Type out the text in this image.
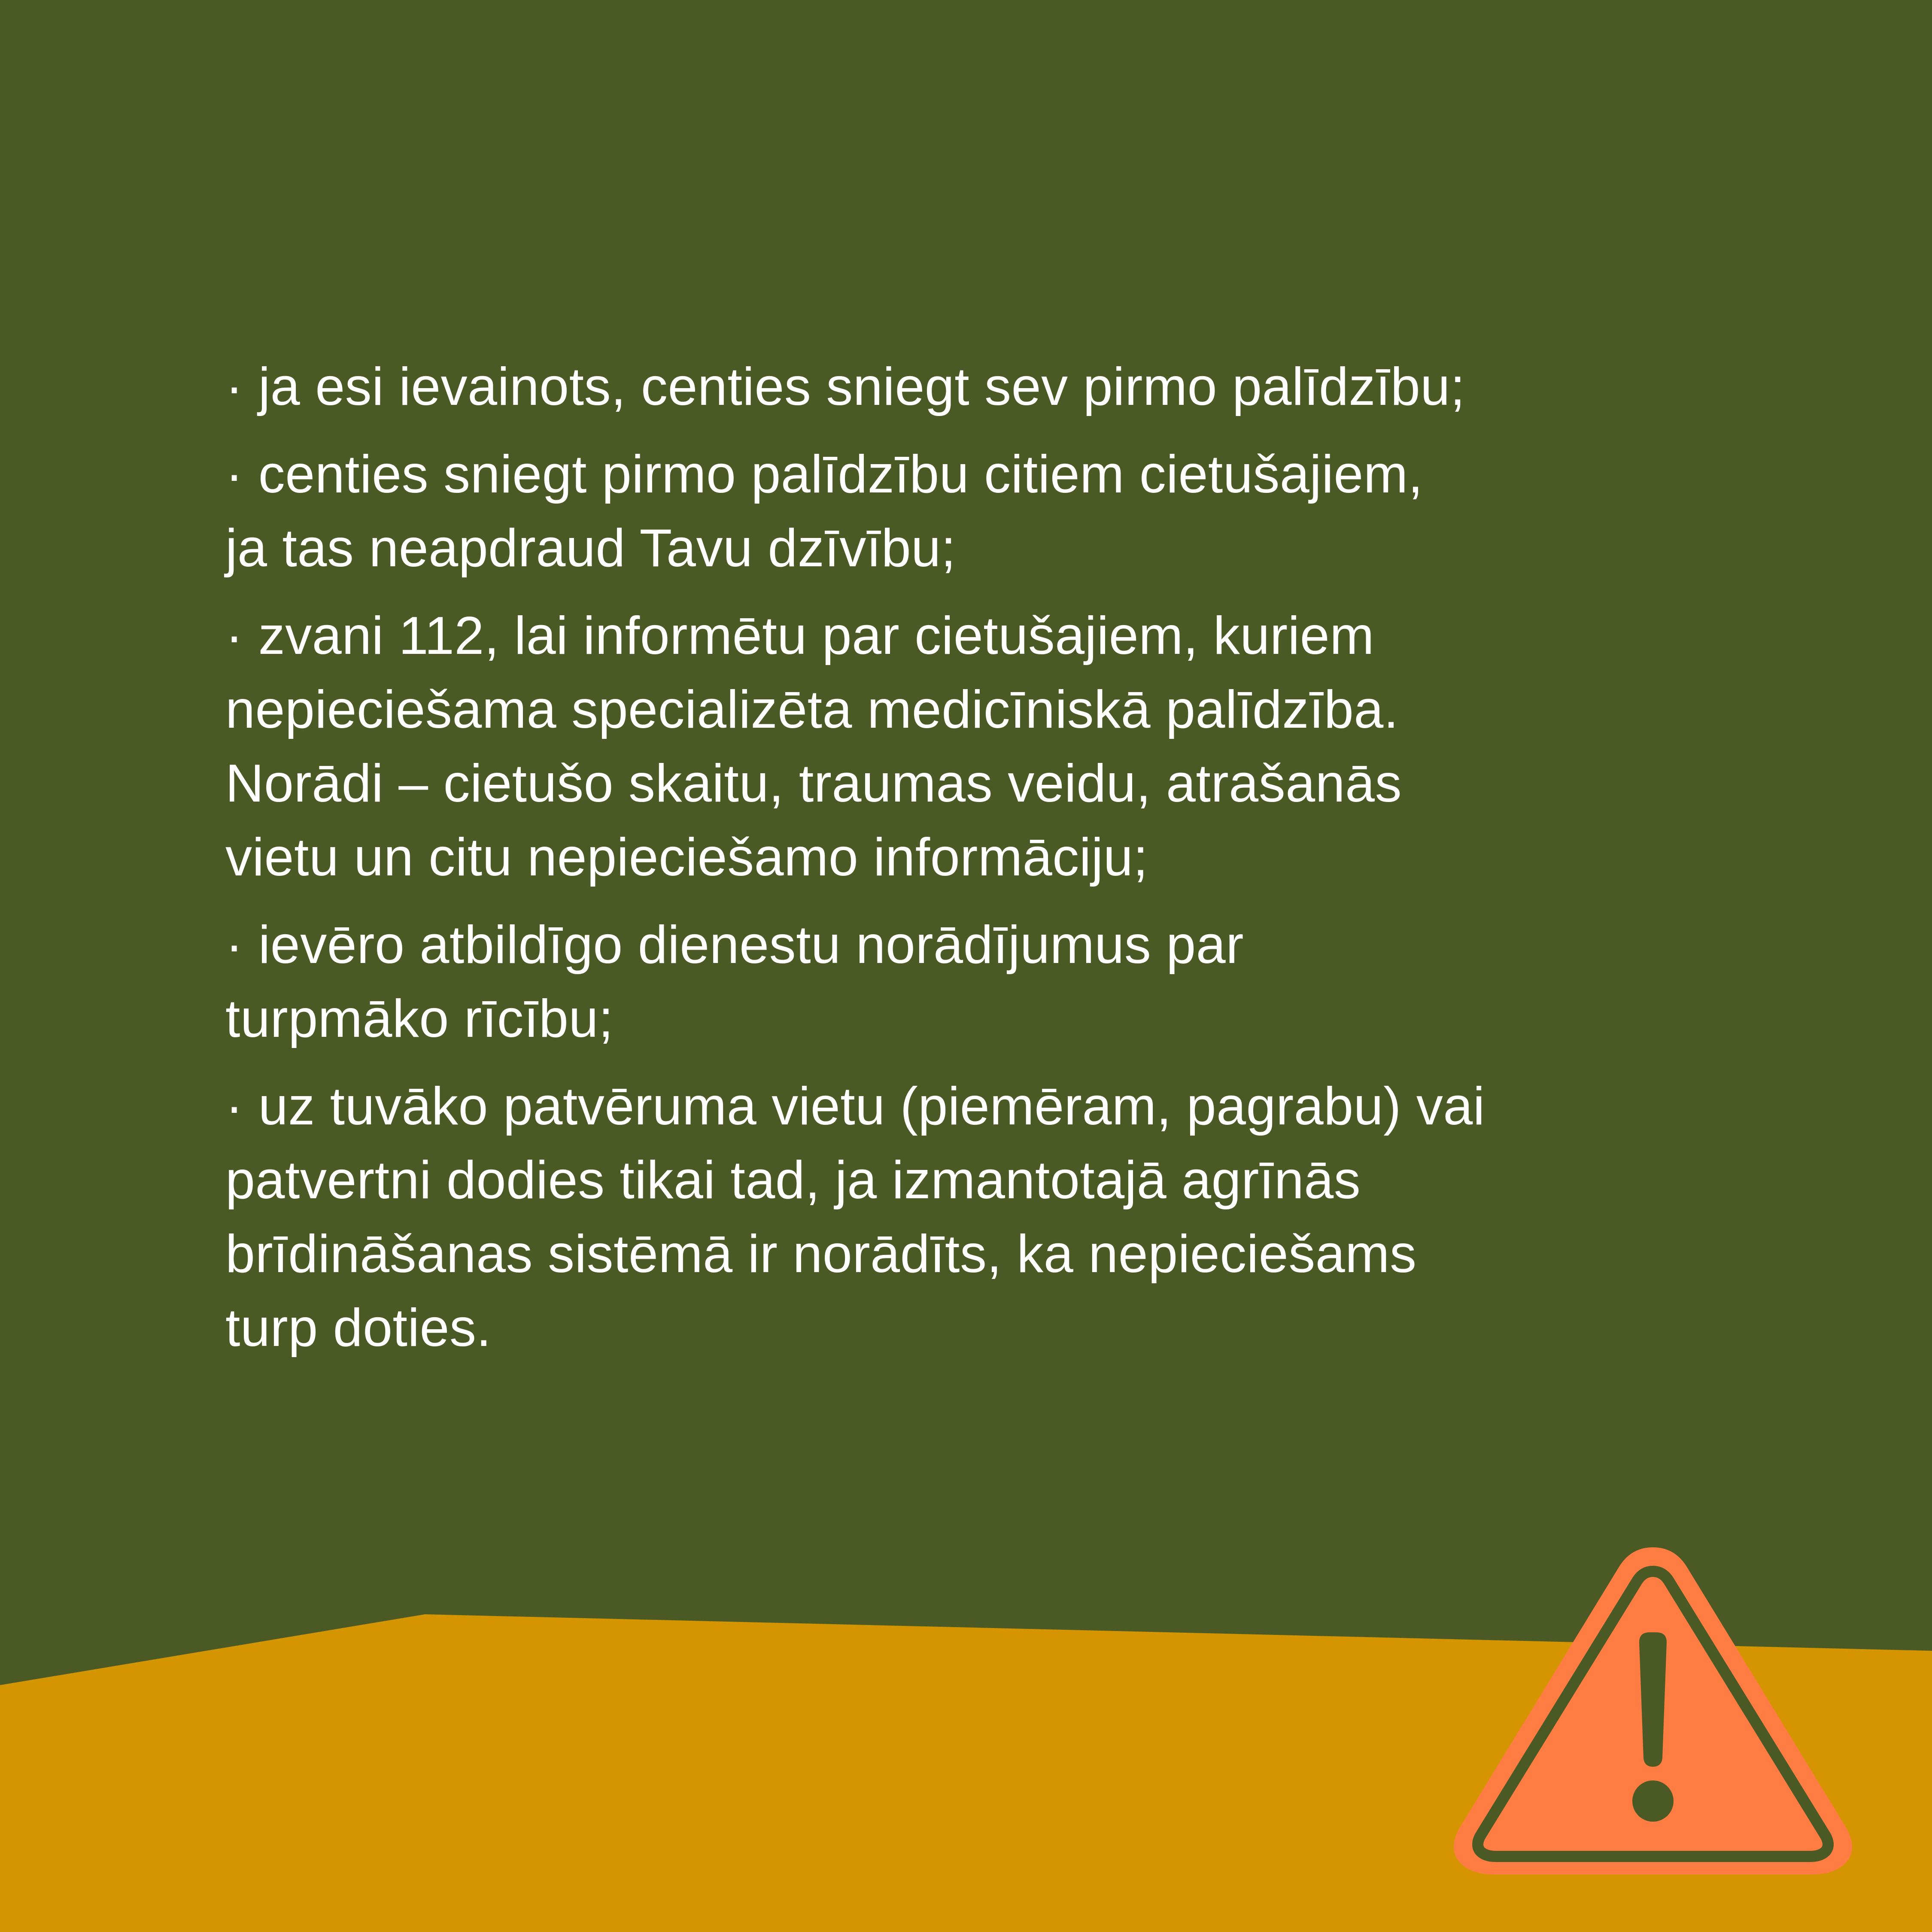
· ja esi ievainots, centies sniegt sev pirmo palīdzību;

· centies sniegt pirmo palīdzību citiem cietušajiem,
ja tas neapdraud Tavu dzīvību;

· zvani 112, lai informētu par cietušajiem, kuriem
nepieciešama specializēta medicīniskā palīdzība.
Norādi – cietušo skaitu, traumas veidu, atrašanās
vietu un citu nepieciešamo informāciju;

· ievēro atbildīgo dienestu norādījumus par
turpmāko rīcību;

· uz tuvāko patvēruma vietu (piemēram, pagrabu) vai
patvertni dodies tikai tad, ja izmantotajā agrīnās
brīdināšanas sistēmā ir norādīts, ka nepieciešams
turp doties.
